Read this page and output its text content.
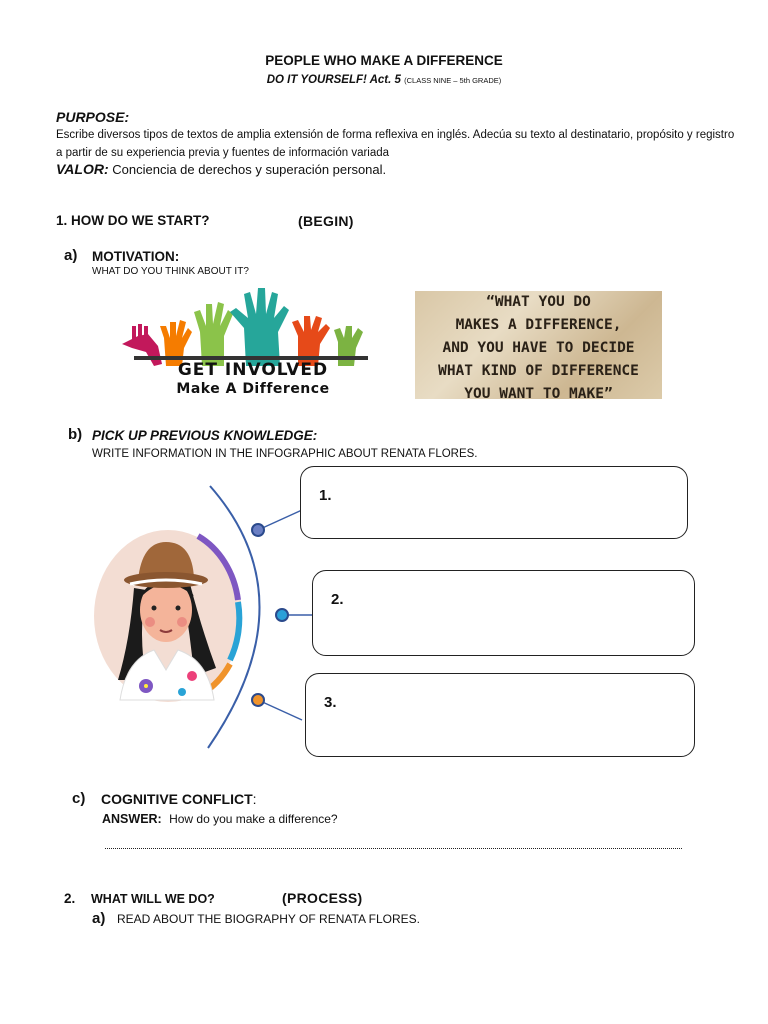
PEOPLE WHO MAKE A DIFFERENCE
DO IT YOURSELF! Act. 5 (CLASS NINE – 5th GRADE)
PURPOSE:
Escribe diversos tipos de textos de amplia extensión de forma reflexiva en inglés. Adecúa su texto al destinatario, propósito y registro a partir de su experiencia previa y fuentes de información variada
VALOR: Conciencia de derechos y superación personal.
1. HOW DO WE START?	(BEGIN)
a) MOTIVATION:
WHAT DO YOU THINK ABOUT IT?
GET INVOLVED
Make A Difference
“WHAT YOU DO
MAKES A DIFFERENCE,
AND YOU HAVE TO DECIDE
WHAT KIND OF DIFFERENCE
YOU WANT TO MAKE”
b) PICK UP PREVIOUS KNOWLEDGE:
WRITE INFORMATION IN THE INFOGRAPHIC ABOUT RENATA FLORES.
1.
2.
3.
c) COGNITIVE CONFLICT:
ANSWER: How do you make a difference?
2. WHAT WILL WE DO?	(PROCESS)
a) READ ABOUT THE BIOGRAPHY OF RENATA FLORES.
